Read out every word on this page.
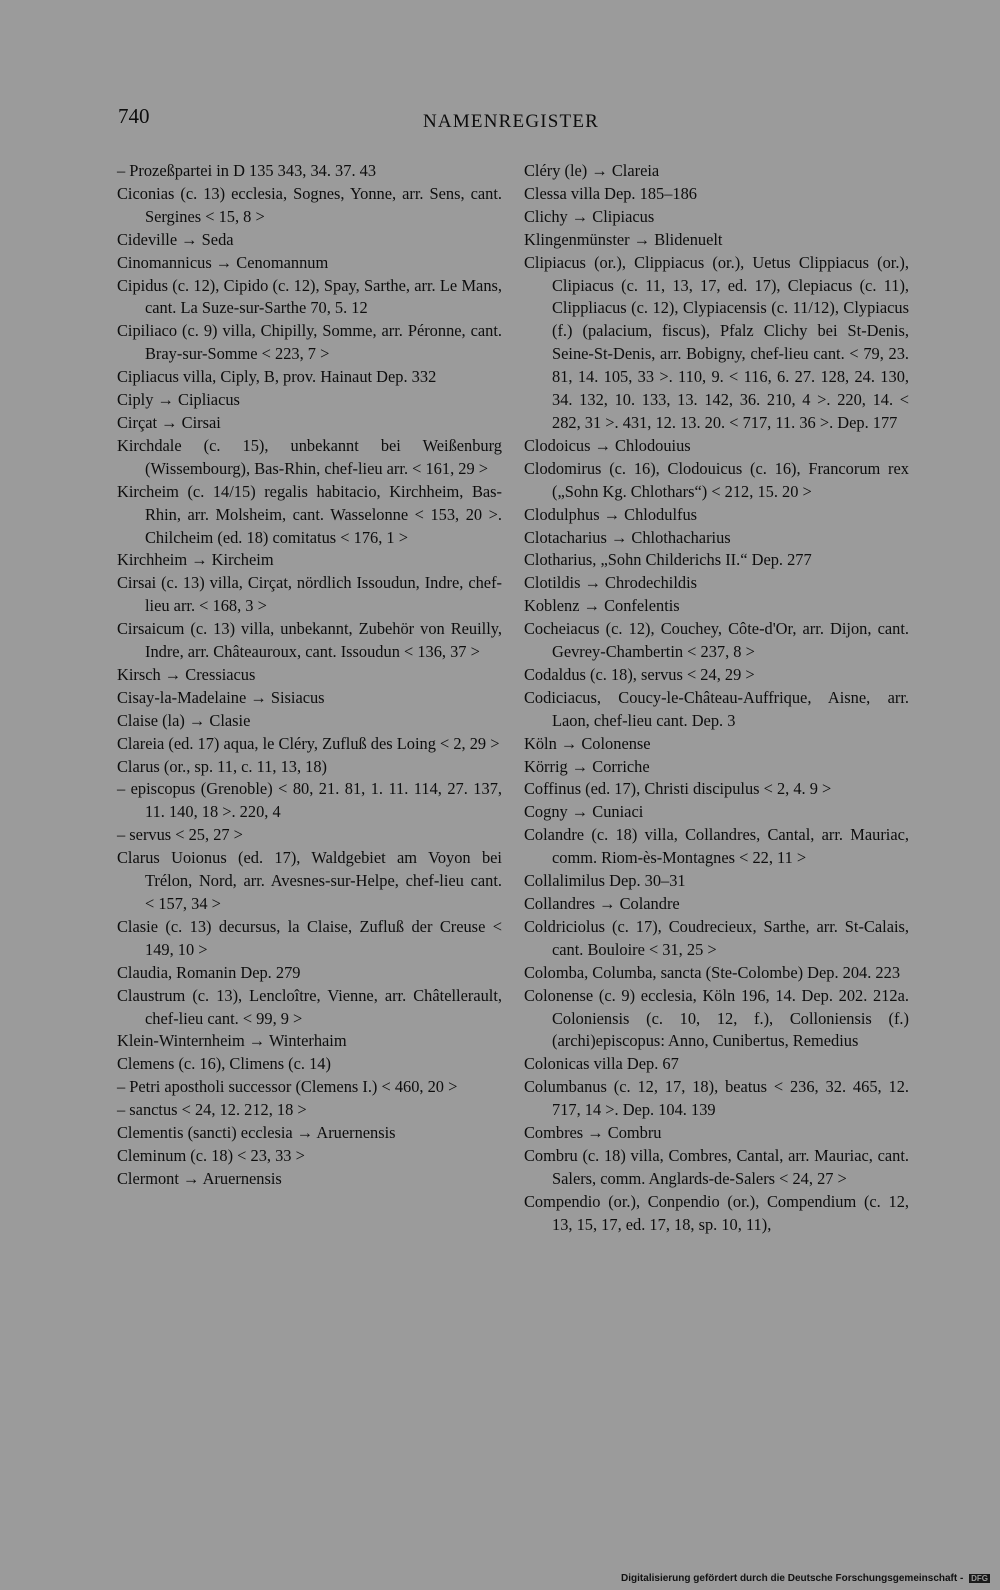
740	NAMENREGISTER
– Prozeßpartei in D 135 343, 34. 37. 43
Ciconias (c. 13) ecclesia, Sognes, Yonne, arr. Sens, cant. Sergines < 15, 8 >
Cideville → Seda
Cinomannicus → Cenomannum
Cipidus (c. 12), Cipido (c. 12), Spay, Sarthe, arr. Le Mans, cant. La Suze-sur-Sarthe 70, 5. 12
Cipiliaco (c. 9) villa, Chipilly, Somme, arr. Péronne, cant. Bray-sur-Somme < 223, 7 >
Cipliacus villa, Ciply, B, prov. Hainaut Dep. 332
Ciply → Cipliacus
Cirçat → Cirsai
Kirchdale (c. 15), unbekannt bei Weißenburg (Wissembourg), Bas-Rhin, chef-lieu arr. < 161, 29 >
Kircheim (c. 14/15) regalis habitacio, Kirchheim, Bas-Rhin, arr. Molsheim, cant. Wasselonne < 153, 20 >. Chilcheim (ed. 18) comitatus < 176, 1 >
Kirchheim → Kircheim
Cirsai (c. 13) villa, Cirçat, nördlich Issoudun, Indre, chef-lieu arr. < 168, 3 >
Cirsaicum (c. 13) villa, unbekannt, Zubehör von Reuilly, Indre, arr. Châteauroux, cant. Issoudun < 136, 37 >
Kirsch → Cressiacus
Cisay-la-Madelaine → Sisiacus
Claise (la) → Clasie
Clareia (ed. 17) aqua, le Cléry, Zufluß des Loing < 2, 29 >
Clarus (or., sp. 11, c. 11, 13, 18)
– episcopus (Grenoble) < 80, 21. 81, 1. 11. 114, 27. 137, 11. 140, 18 >. 220, 4
– servus < 25, 27 >
Clarus Uoionus (ed. 17), Waldgebiet am Voyon bei Trélon, Nord, arr. Avesnes-sur-Helpe, chef-lieu cant. < 157, 34 >
Clasie (c. 13) decursus, la Claise, Zufluß der Creuse < 149, 10 >
Claudia, Romanin Dep. 279
Claustrum (c. 13), Lencloître, Vienne, arr. Châtellerault, chef-lieu cant. < 99, 9 >
Klein-Winternheim → Winterhaim
Clemens (c. 16), Climens (c. 14)
– Petri apostholi successor (Clemens I.) < 460, 20 >
– sanctus < 24, 12. 212, 18 >
Clementis (sancti) ecclesia → Aruernensis
Cleminum (c. 18) < 23, 33 >
Clermont → Aruernensis
Cléry (le) → Clareia
Clessa villa Dep. 185–186
Clichy → Clipiacus
Klingenmünster → Blidenuelt
Clipiacus (or.), Clippiacus (or.), Uetus Clippiacus (or.), Clipiacus (c. 11, 13, 17, ed. 17), Clepiacus (c. 11), Clippliacus (c. 12), Clypiacensis (c. 11/12), Clypiacus (f.) (palacium, fiscus), Pfalz Clichy bei St-Denis, Seine-St-Denis, arr. Bobigny, chef-lieu cant. < 79, 23. 81, 14. 105, 33 >. 110, 9. < 116, 6. 27. 128, 24. 130, 34. 132, 10. 133, 13. 142, 36. 210, 4 >. 220, 14. < 282, 31 >. 431, 12. 13. 20. < 717, 11. 36 >. Dep. 177
Clodoicus → Chlodouius
Clodomirus (c. 16), Clodouicus (c. 16), Francorum rex („Sohn Kg. Chlothars“) < 212, 15. 20 >
Clodulphus → Chlodulfus
Clotacharius → Chlothacharius
Clotharius, „Sohn Childerichs II.“ Dep. 277
Clotildis → Chrodechildis
Koblenz → Confelentis
Cocheiacus (c. 12), Couchey, Côte-d'Or, arr. Dijon, cant. Gevrey-Chambertin < 237, 8 >
Codaldus (c. 18), servus < 24, 29 >
Codiciacus, Coucy-le-Château-Auffrique, Aisne, arr. Laon, chef-lieu cant. Dep. 3
Köln → Colonense
Körrig → Corriche
Coffinus (ed. 17), Christi discipulus < 2, 4. 9 >
Cogny → Cuniaci
Colandre (c. 18) villa, Collandres, Cantal, arr. Mauriac, comm. Riom-ès-Montagnes < 22, 11 >
Collalimilus Dep. 30–31
Collandres → Colandre
Coldriciolus (c. 17), Coudrecieux, Sarthe, arr. St-Calais, cant. Bouloire < 31, 25 >
Colomba, Columba, sancta (Ste-Colombe) Dep. 204. 223
Colonense (c. 9) ecclesia, Köln 196, 14. Dep. 202. 212a. Coloniensis (c. 10, 12, f.), Colloniensis (f.) (archi)episcopus: Anno, Cunibertus, Remedius
Colonicas villa Dep. 67
Columbanus (c. 12, 17, 18), beatus < 236, 32. 465, 12. 717, 14 >. Dep. 104. 139
Combres → Combru
Combru (c. 18) villa, Combres, Cantal, arr. Mauriac, cant. Salers, comm. Anglards-de-Salers < 24, 27 >
Compendio (or.), Conpendio (or.), Compendium (c. 12, 13, 15, 17, ed. 17, 18, sp. 10, 11),
Digitalisierung gefördert durch die Deutsche Forschungsgemeinschaft - DFG
